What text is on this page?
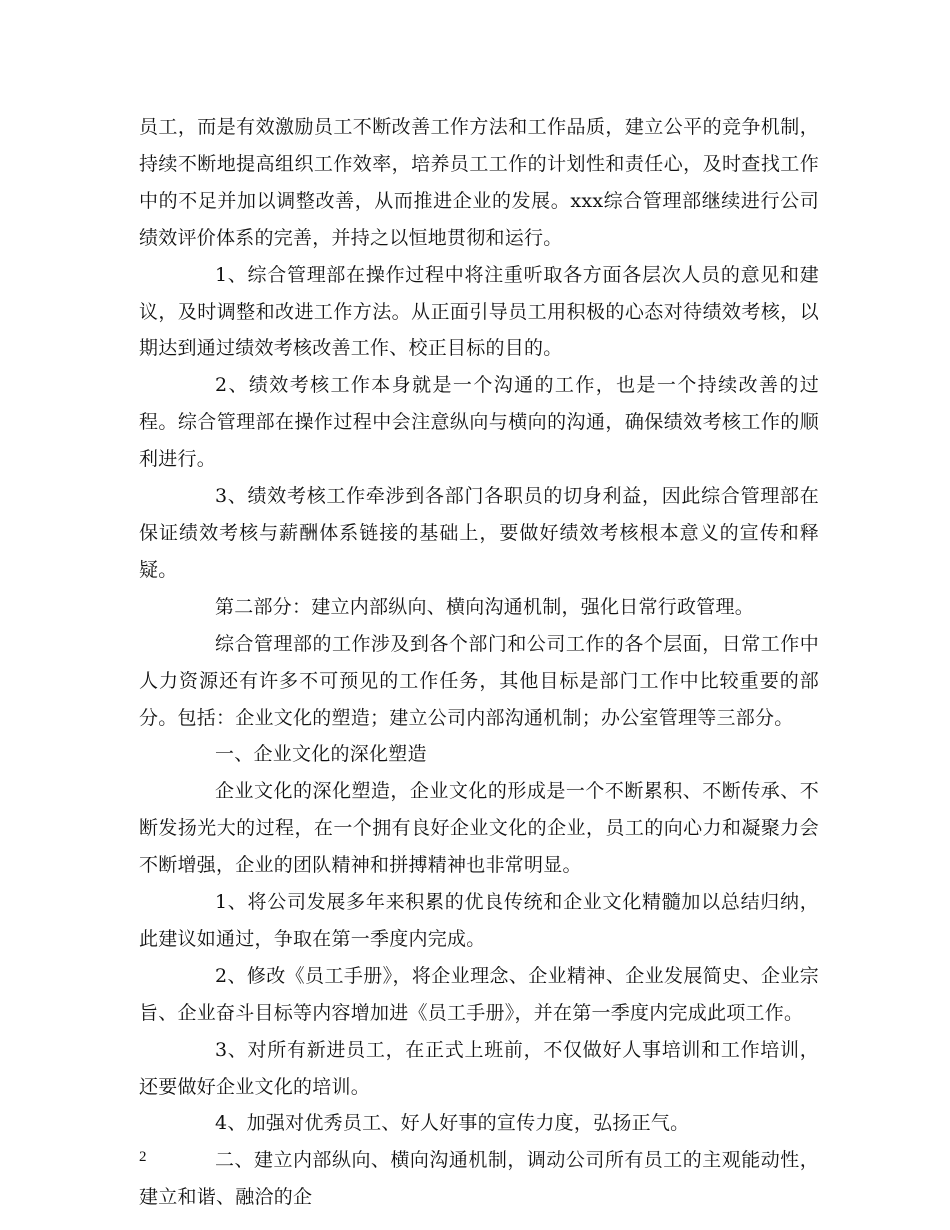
员工，而是有效激励员工不断改善工作方法和工作品质，建立公平的竞争机制，持续不断地提高组织工作效率，培养员工工作的计划性和责任心，及时查找工作中的不足并加以调整改善，从而推进企业的发展。xxx综合管理部继续进行公司绩效评价体系的完善，并持之以恒地贯彻和运行。

1、综合管理部在操作过程中将注重听取各方面各层次人员的意见和建议，及时调整和改进工作方法。从正面引导员工用积极的心态对待绩效考核，以期达到通过绩效考核改善工作、校正目标的目的。

2、绩效考核工作本身就是一个沟通的工作，也是一个持续改善的过程。综合管理部在操作过程中会注意纵向与横向的沟通，确保绩效考核工作的顺利进行。

3、绩效考核工作牵涉到各部门各职员的切身利益，因此综合管理部在保证绩效考核与薪酬体系链接的基础上，要做好绩效考核根本意义的宣传和释疑。

第二部分：建立内部纵向、横向沟通机制，强化日常行政管理。

综合管理部的工作涉及到各个部门和公司工作的各个层面，日常工作中人力资源还有许多不可预见的工作任务，其他目标是部门工作中比较重要的部分。包括：企业文化的塑造；建立公司内部沟通机制；办公室管理等三部分。

一、企业文化的深化塑造

企业文化的深化塑造，企业文化的形成是一个不断累积、不断传承、不断发扬光大的过程，在一个拥有良好企业文化的企业，员工的向心力和凝聚力会不断增强，企业的团队精神和拼搏精神也非常明显。

1、将公司发展多年来积累的优良传统和企业文化精髓加以总结归纳，此建议如通过，争取在第一季度内完成。

2、修改《员工手册》，将企业理念、企业精神、企业发展简史、企业宗旨、企业奋斗目标等内容增加进《员工手册》，并在第一季度内完成此项工作。

3、对所有新进员工，在正式上班前，不仅做好人事培训和工作培训，还要做好企业文化的培训。

4、加强对优秀员工、好人好事的宣传力度，弘扬正气。

二、建立内部纵向、横向沟通机制，调动公司所有员工的主观能动性，建立和谐、融洽的企

2
